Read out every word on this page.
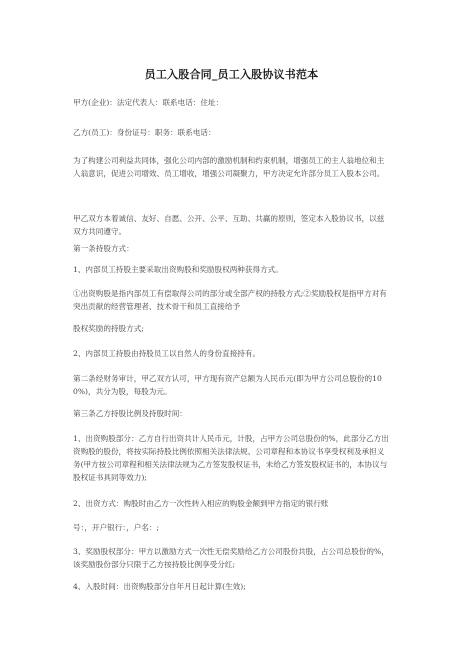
员工入股合同_员工入股协议书范本
甲方(企业)：法定代表人：联系电话：住址：
乙方(员工)：身份证号：职务：联系电话：
为了构建公司利益共同体，强化公司内部的激励机制和约束机制，增强员工的主人翁地位和主人翁意识，促进公司增效、员工增收，增强公司凝聚力，甲方决定允许部分员工入股本公司。
甲乙双方本着诚信、友好、自愿、公开、公平、互助、共赢的原则，签定本入股协议书，以兹双方共同遵守。
第一条持股方式：
1、内部员工持股主要采取出资购股和奖励股权两种获得方式。
①出资购股是指内部员工有偿取得公司的部分或全部产权的持股方式;②奖励股权是指甲方对有突出贡献的经营管理者、技术骨干和员工直接给予
股权奖励的持股方式;
2、内部员工持股由持股员工以自然人的身份直接持有。
第二条经财务审计，甲乙双方认可，甲方现有资产总额为人民币元(即为甲方公司总股份的100%)，共分为股，每股为元。
第三条乙方持股比例及持股时间：
1、出资购股部分：乙方自行出资共计人民币元，计股，占甲方公司总股份的%，此部分乙方出资购股的股份，将按实际持股比例依照相关法律法规、公司章程和本协议书享受权利及承担义务(甲方按公司章程和相关法律法规为乙方签发股权证书，未给乙方签发股权证书的，本协议与股权证书具同等效力);
2、出资方式：购股时由乙方一次性转入相应的购股金额到甲方指定的银行账
号：，开户银行：，户名：;
3、奖励股权部分：甲方以激励方式一次性无偿奖励给乙方公司股份共股，占公司总股份的%，该奖励股份部分只限于乙方按持股比例享受分红;
4、入股时间：出资购股部分自年月日起计算(生效);
